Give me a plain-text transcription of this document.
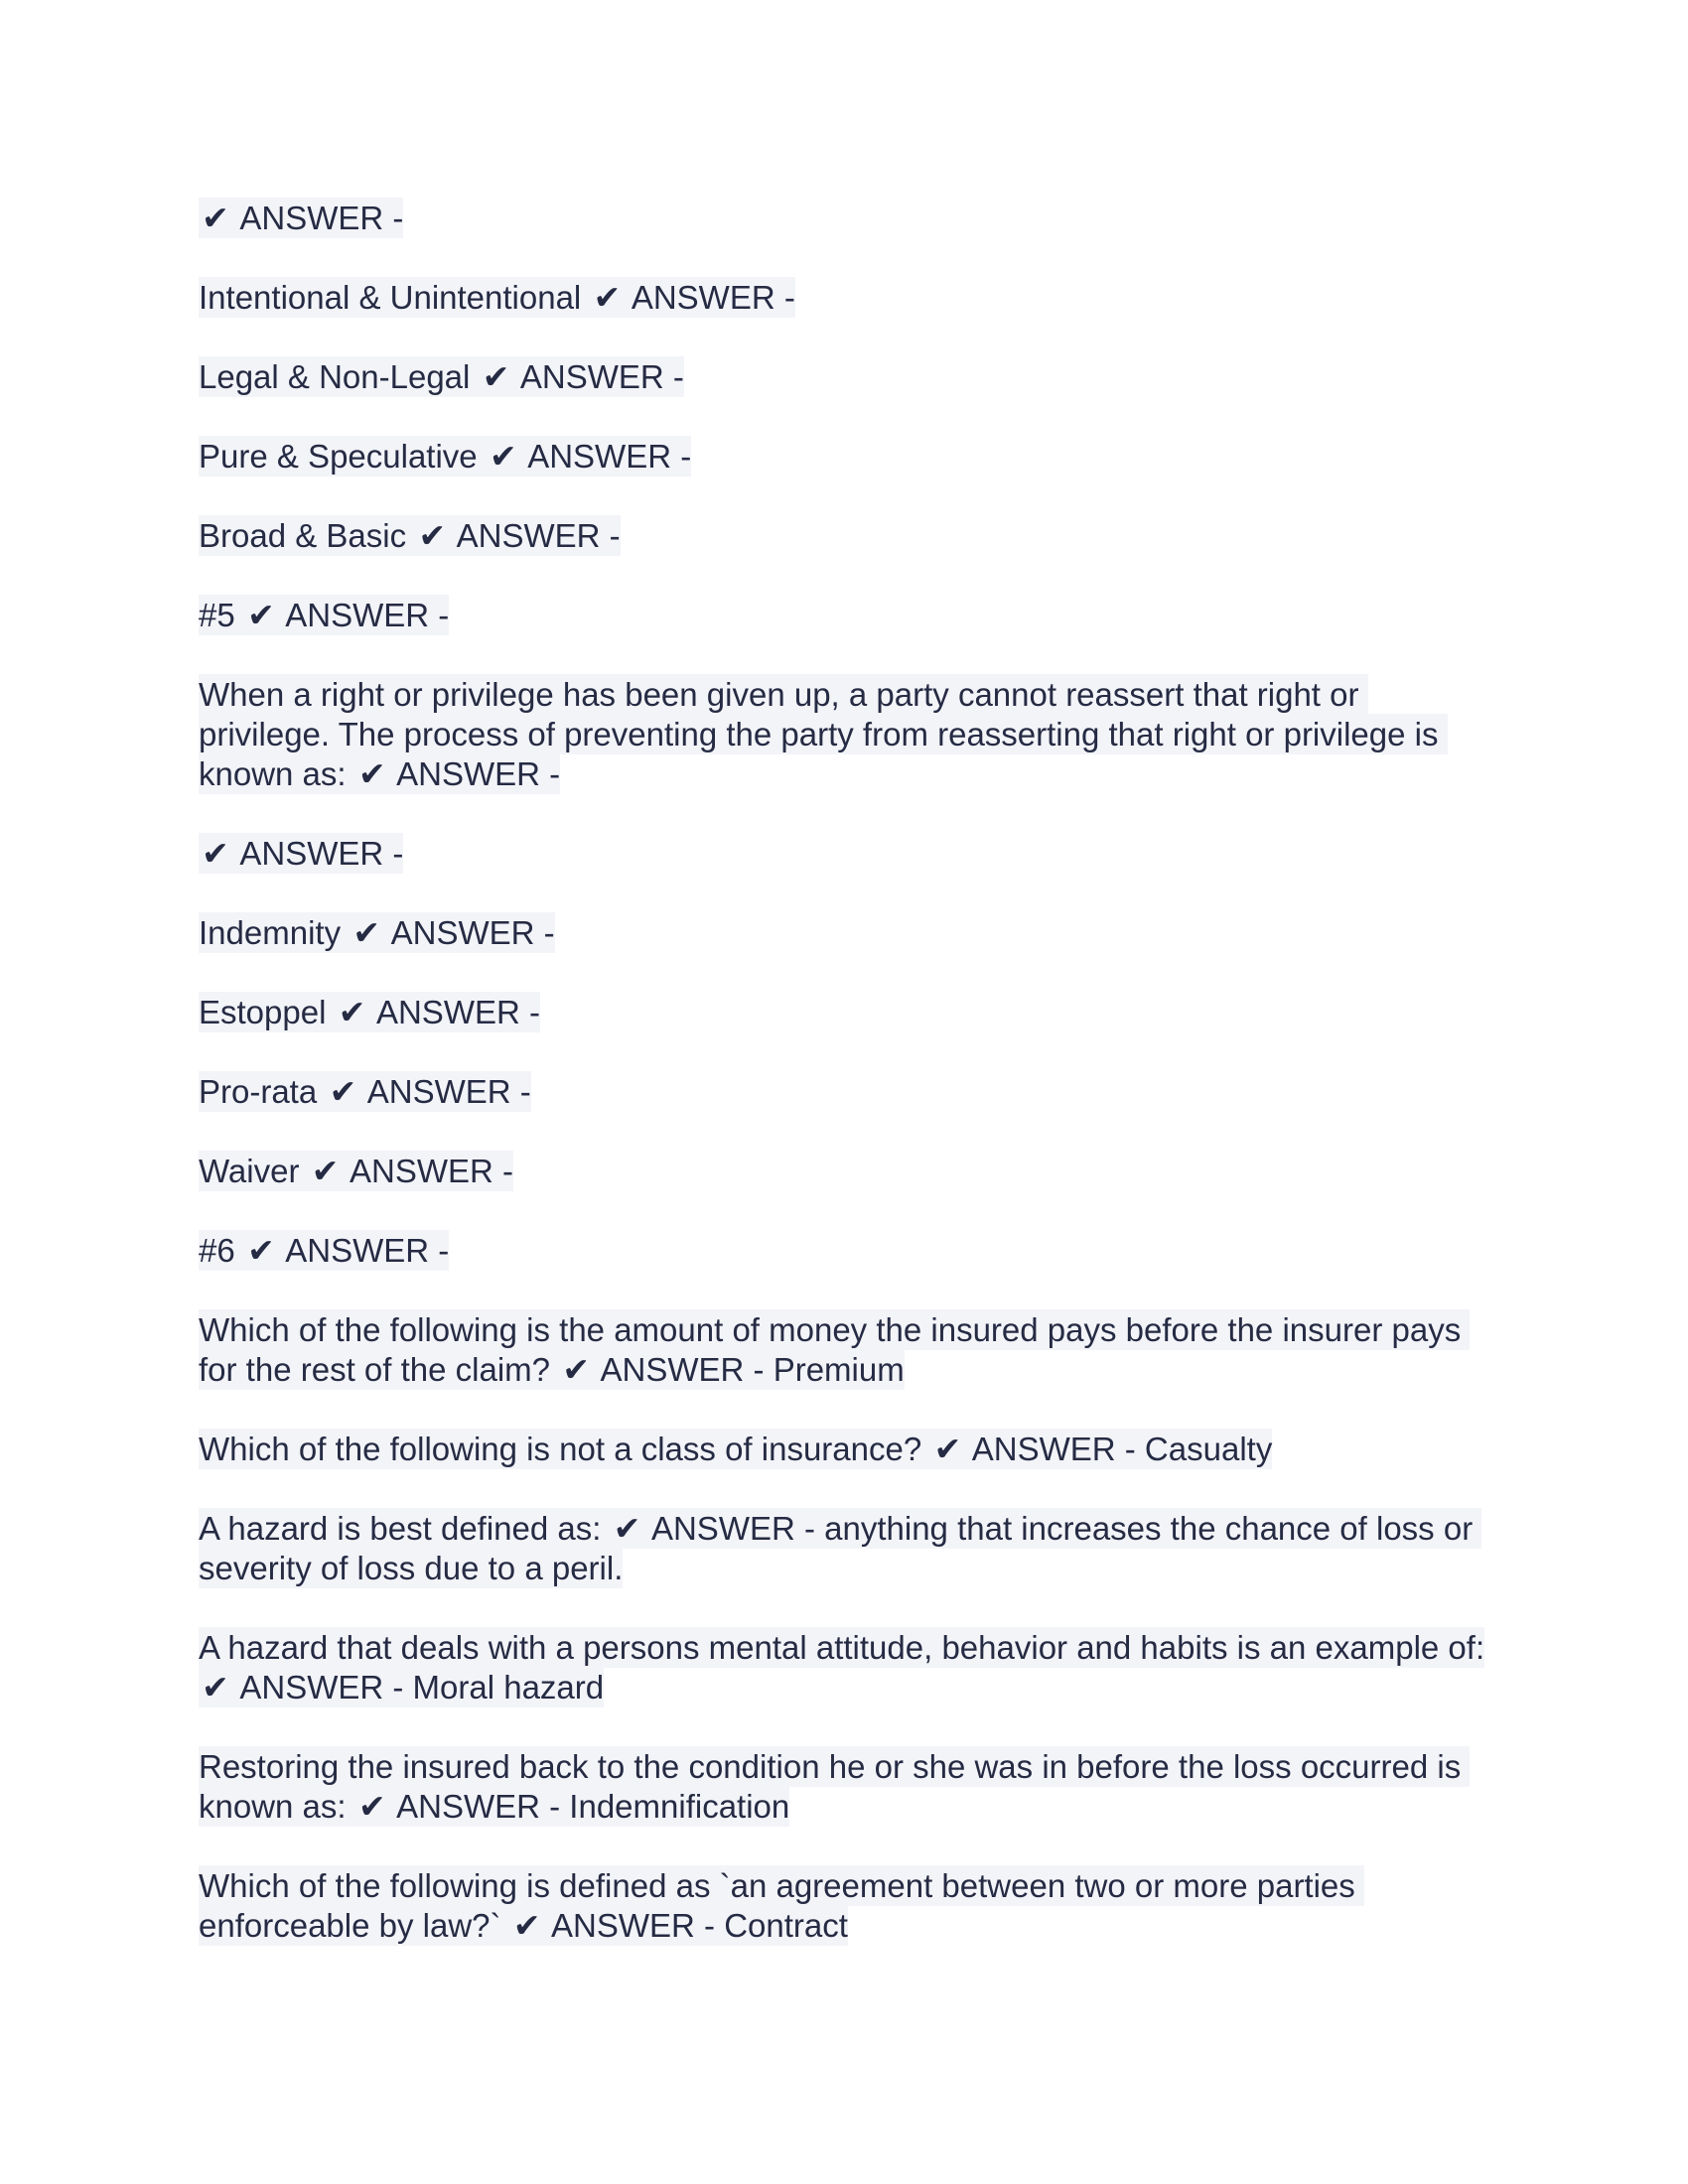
✔ ANSWER -
Intentional & Unintentional ✔ ANSWER -
Legal & Non-Legal ✔ ANSWER -
Pure & Speculative ✔ ANSWER -
Broad & Basic ✔ ANSWER -
#5 ✔ ANSWER -
When a right or privilege has been given up, a party cannot reassert that right or privilege. The process of preventing the party from reasserting that right or privilege is known as: ✔ ANSWER -
✔ ANSWER -
Indemnity ✔ ANSWER -
Estoppel ✔ ANSWER -
Pro-rata ✔ ANSWER -
Waiver ✔ ANSWER -
#6 ✔ ANSWER -
Which of the following is the amount of money the insured pays before the insurer pays for the rest of the claim? ✔ ANSWER - Premium
Which of the following is not a class of insurance? ✔ ANSWER - Casualty
A hazard is best defined as: ✔ ANSWER - anything that increases the chance of loss or severity of loss due to a peril.
A hazard that deals with a persons mental attitude, behavior and habits is an example of: ✔ ANSWER - Moral hazard
Restoring the insured back to the condition he or she was in before the loss occurred is known as: ✔ ANSWER - Indemnification
Which of the following is defined as `an agreement between two or more parties enforceable by law?` ✔ ANSWER - Contract
